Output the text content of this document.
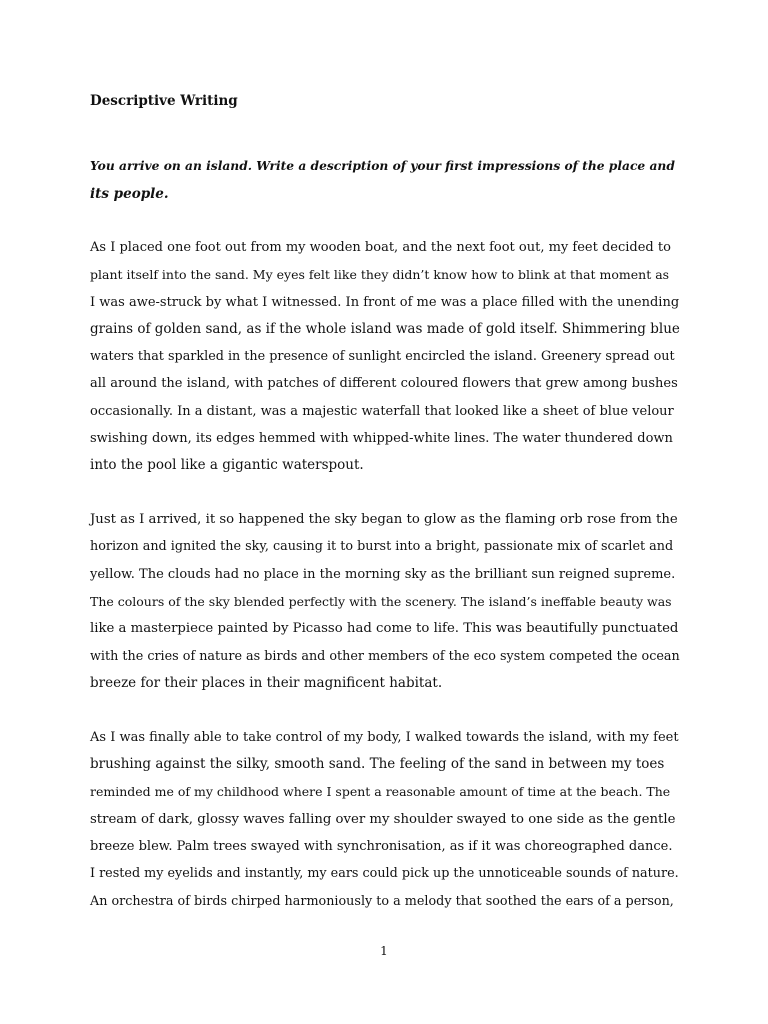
Descriptive Writing
You arrive on an island. Write a description of your first impressions of the place and
its people.
As I placed one foot out from my wooden boat, and the next foot out, my feet decided to
plant itself into the sand. My eyes felt like they didn’t know how to blink at that moment as
I was awe-struck by what I witnessed. In front of me was a place filled with the unending
grains of golden sand, as if the whole island was made of gold itself. Shimmering blue
waters that sparkled in the presence of sunlight encircled the island. Greenery spread out
all around the island, with patches of different coloured flowers that grew among bushes
occasionally. In a distant, was a majestic waterfall that looked like a sheet of blue velour
swishing down, its edges hemmed with whipped-white lines. The water thundered down
into the pool like a gigantic waterspout.
Just as I arrived, it so happened the sky began to glow as the flaming orb rose from the
horizon and ignited the sky, causing it to burst into a bright, passionate mix of scarlet and
yellow. The clouds had no place in the morning sky as the brilliant sun reigned supreme.
The colours of the sky blended perfectly with the scenery. The island’s ineffable beauty was
like a masterpiece painted by Picasso had come to life. This was beautifully punctuated
with the cries of nature as birds and other members of the eco system competed the ocean
breeze for their places in their magnificent habitat.
As I was finally able to take control of my body, I walked towards the island, with my feet
brushing against the silky, smooth sand. The feeling of the sand in between my toes
reminded me of my childhood where I spent a reasonable amount of time at the beach. The
stream of dark, glossy waves falling over my shoulder swayed to one side as the gentle
breeze blew. Palm trees swayed with synchronisation, as if it was choreographed dance.
I rested my eyelids and instantly, my ears could pick up the unnoticeable sounds of nature.
An orchestra of birds chirped harmoniously to a melody that soothed the ears of a person,
1
